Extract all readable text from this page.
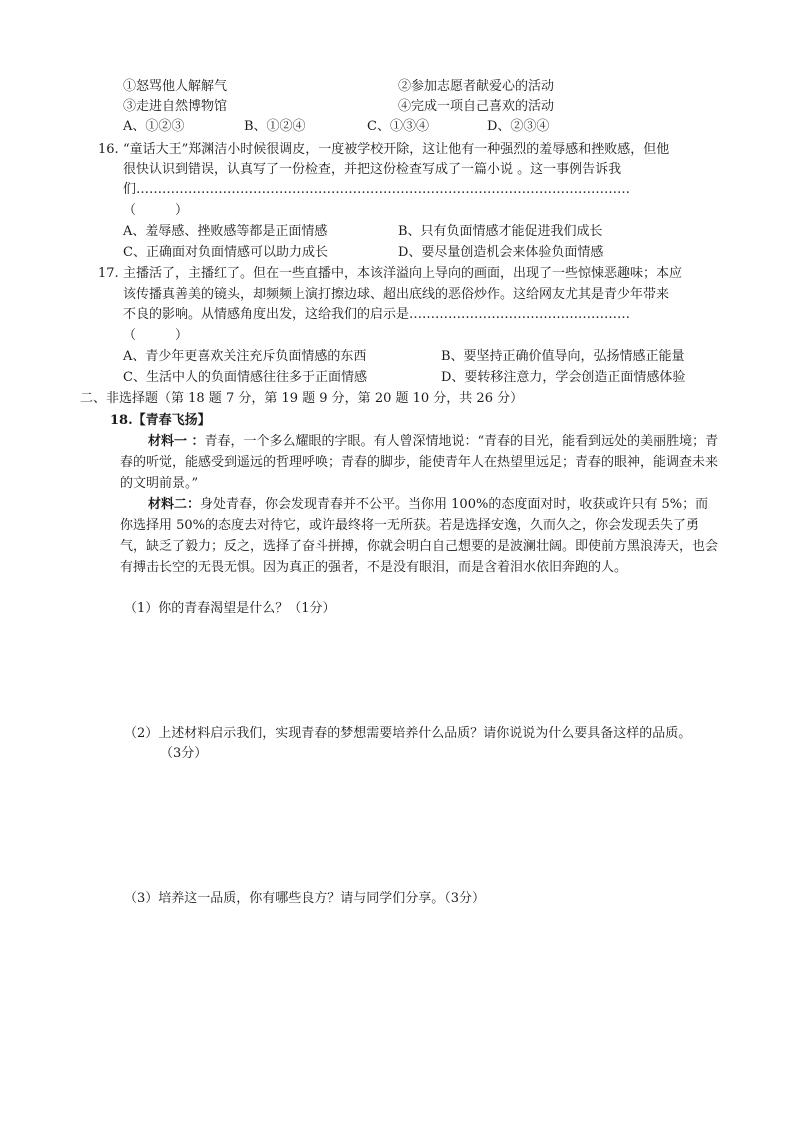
①怒骂他人解解气	②参加志愿者献爱心的活动
③走进自然博物馆	④完成一项自己喜欢的活动
A、①②③	B、①②④	C、①③④	D、②③④
16. “童话大王”郑渊洁小时候很调皮，一度被学校开除，这让他有一种强烈的羞辱感和挫败感，但他
很快认识到错误，认真写了一份检查，并把这份检查写成了一篇小说 。这一事例告诉我
们……………………………………………………………………………………………………
（　　　）
A、羞辱感、挫败感等都是正面情感	B、只有负面情感才能促进我们成长
C、正确面对负面情感可以助力成长	D、要尽量创造机会来体验负面情感
17. 主播活了，主播红了。但在一些直播中，本该洋溢向上导向的画面，出现了一些惊悚恶趣味；本应
该传播真善美的镜头，却频频上演打擦边球、超出底线的恶俗炒作。这给网友尤其是青少年带来
不良的影响。从情感角度出发，这给我们的启示是……………………………………………
（　　　）
A、青少年更喜欢关注充斥负面情感的东西	B、要坚持正确价值导向，弘扬情感正能量
C、生活中人的负面情感往往多于正面情感	D、要转移注意力，学会创造正面情感体验
二、非选择题（第 18 题 7 分，第 19 题 9 分，第 20 题 10 分，共 26 分）
18.【青春飞扬】
材料一 ：青春，一个多么耀眼的字眼。有人曾深情地说：“青春的目光，能看到远处的美丽胜境；青春的听觉，能感受到遥远的哲理呼唤；青春的脚步，能使青年人在热望里远足；青春的眼神，能调查未来的文明前景。”
材料二：身处青春，你会发现青春并不公平。当你用 100%的态度面对时，收获或许只有 5%；而你选择用 50%的态度去对待它，或许最终将一无所获。若是选择安逸，久而久之，你会发现丢失了勇气，缺乏了毅力；反之，选择了奋斗拼搏，你就会明白自己想要的是波澜壮阔。即使前方黑浪涛天，也会有搏击长空的无畏无惧。因为真正的强者，不是没有眼泪，而是含着泪水依旧奔跑的人。
（1）你的青春渴望是什么？（1分）
（2）上述材料启示我们，实现青春的梦想需要培养什么品质？请你说说为什么要具备这样的品质。
（3分）
（3）培养这一品质，你有哪些良方？请与同学们分享。（3分）
